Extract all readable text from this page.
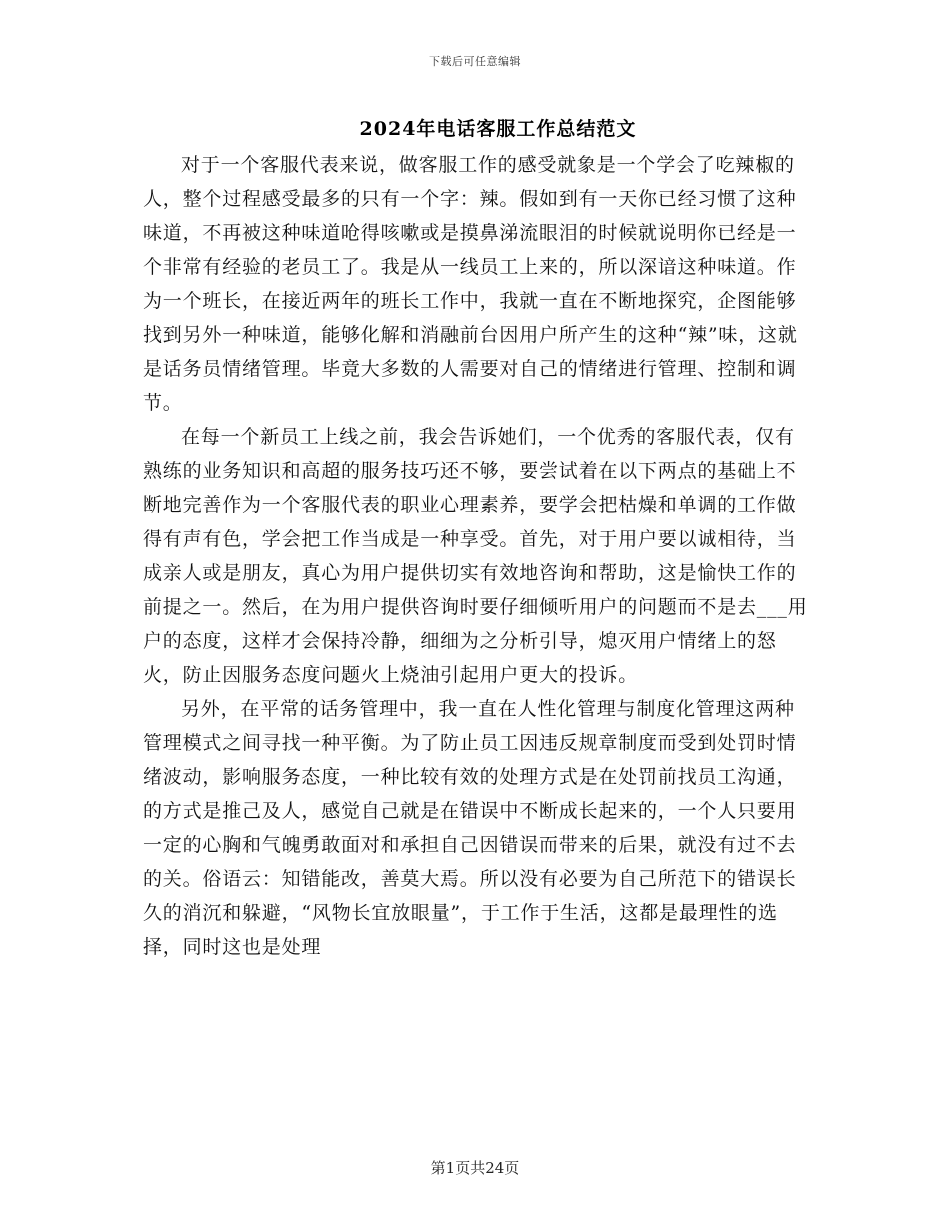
下载后可任意编辑
2024年电话客服工作总结范文

对于一个客服代表来说，做客服工作的感受就象是一个学会了吃辣椒的人，整个过程感受最多的只有一个字：辣。假如到有一天你已经习惯了这种味道，不再被这种味道呛得咳嗽或是摸鼻涕流眼泪的时候就说明你已经是一个非常有经验的老员工了。我是从一线员工上来的，所以深谙这种味道。作为一个班长，在接近两年的班长工作中，我就一直在不断地探究，企图能够找到另外一种味道，能够化解和消融前台因用户所产生的这种“辣”味，这就是话务员情绪管理。毕竟大多数的人需要对自己的情绪进行管理、控制和调节。

在每一个新员工上线之前，我会告诉她们，一个优秀的客服代表，仅有熟练的业务知识和高超的服务技巧还不够，要尝试着在以下两点的基础上不断地完善作为一个客服代表的职业心理素养，要学会把枯燥和单调的工作做得有声有色，学会把工作当成是一种享受。首先，对于用户要以诚相待，当成亲人或是朋友，真心为用户提供切实有效地咨询和帮助，这是愉快工作的前提之一。然后，在为用户提供咨询时要仔细倾听用户的问题而不是去___用户的态度，这样才会保持冷静，细细为之分析引导，熄灭用户情绪上的怒火，防止因服务态度问题火上烧油引起用户更大的投诉。

另外，在平常的话务管理中，我一直在人性化管理与制度化管理这两种管理模式之间寻找一种平衡。为了防止员工因违反规章制度而受到处罚时情绪波动，影响服务态度，一种比较有效的处理方式是在处罚前找员工沟通，的方式是推己及人，感觉自己就是在错误中不断成长起来的，一个人只要用一定的心胸和气魄勇敢面对和承担自己因错误而带来的后果，就没有过不去的关。俗语云：知错能改，善莫大焉。所以没有必要为自己所范下的错误长久的消沉和躲避，“风物长宜放眼量”，于工作于生活，这都是最理性的选择，同时这也是处理

第1页共24页
